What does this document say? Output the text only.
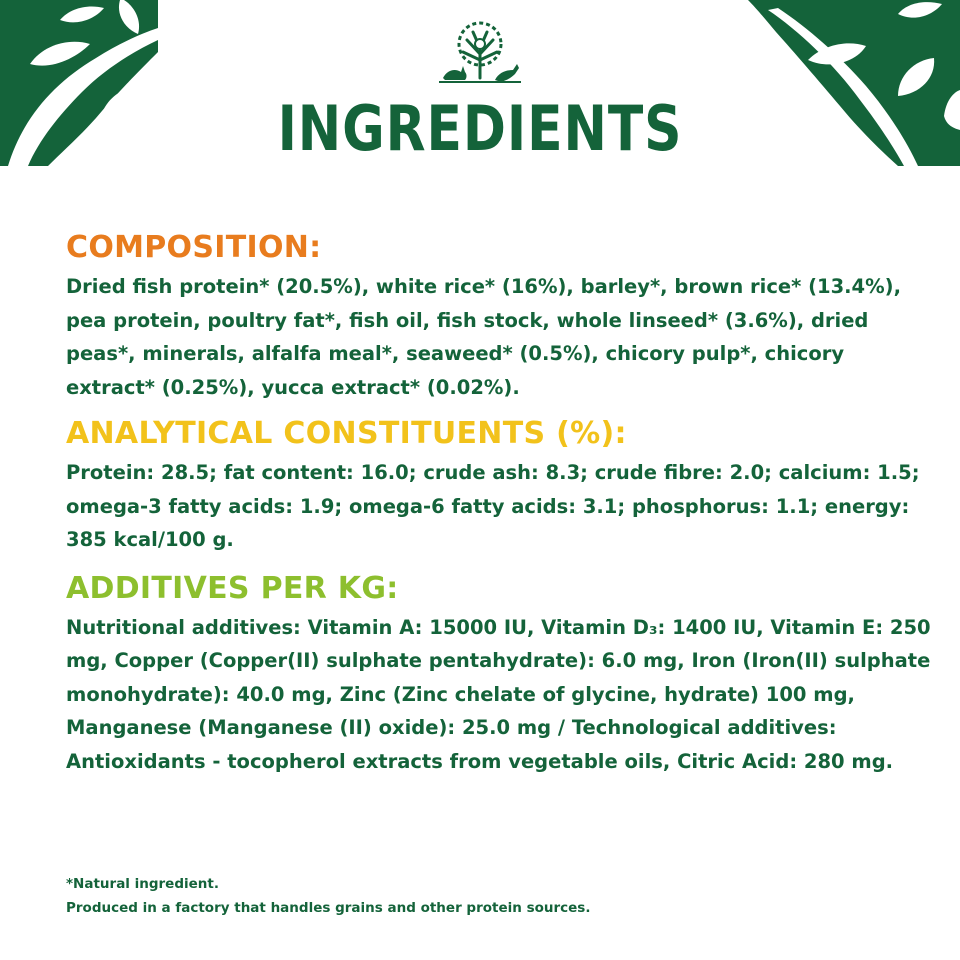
INGREDIENTS
COMPOSITION:

Dried fish protein* (20.5%), white rice* (16%), barley*, brown rice* (13.4%), pea protein, poultry fat*, fish oil, fish stock, whole linseed* (3.6%), dried peas*, minerals, alfalfa meal*, seaweed* (0.5%), chicory pulp*, chicory extract* (0.25%), yucca extract* (0.02%).

ANALYTICAL CONSTITUENTS (%):

Protein: 28.5; fat content: 16.0; crude ash: 8.3; crude fibre: 2.0; calcium: 1.5; omega-3 fatty acids: 1.9; omega-6 fatty acids: 3.1; phosphorus: 1.1; energy: 385 kcal/100 g.

ADDITIVES PER KG:

Nutritional additives: Vitamin A: 15000 IU, Vitamin D₃: 1400 IU, Vitamin E: 250 mg, Copper (Copper(II) sulphate pentahydrate): 6.0 mg, Iron (Iron(II) sulphate monohydrate): 40.0 mg, Zinc (Zinc chelate of glycine, hydrate) 100 mg, Manganese (Manganese (II) oxide): 25.0 mg / Technological additives: Antioxidants - tocopherol extracts from vegetable oils, Citric Acid: 280 mg.

*Natural ingredient.

Produced in a factory that handles grains and other protein sources.
